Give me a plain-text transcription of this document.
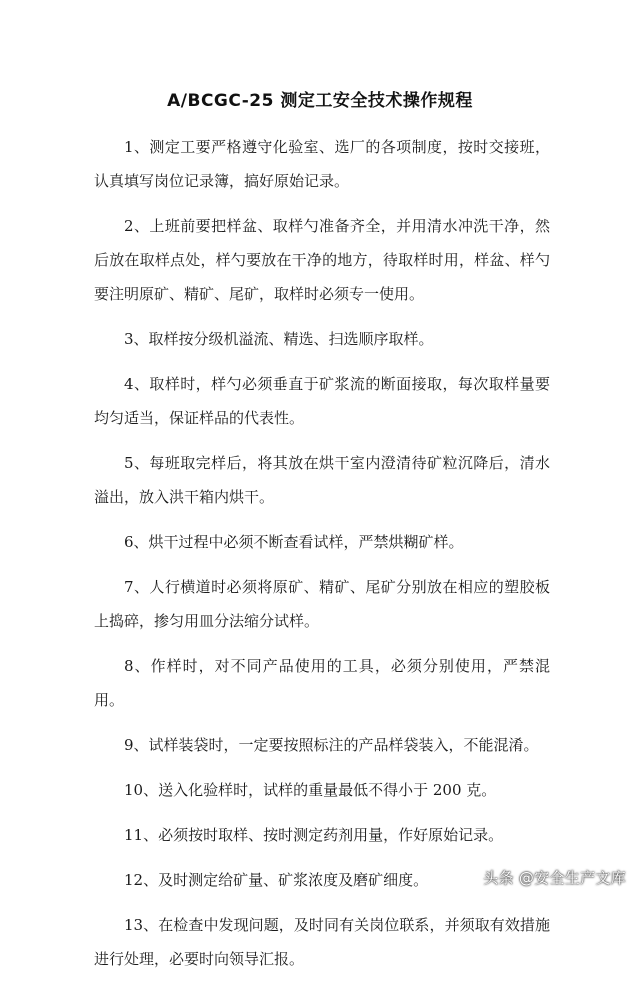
A/BCGC-25 测定工安全技术操作规程

1、测定工要严格遵守化验室、选厂的各项制度，按时交接班，认真填写岗位记录簿，搞好原始记录。

2、上班前要把样盆、取样勺准备齐全，并用清水冲洗干净，然后放在取样点处，样勺要放在干净的地方，待取样时用，样盆、样勺要注明原矿、精矿、尾矿，取样时必须专一使用。

3、取样按分级机溢流、精选、扫选顺序取样。

4、取样时，样勺必须垂直于矿浆流的断面接取，每次取样量要均匀适当，保证样品的代表性。

5、每班取完样后，将其放在烘干室内澄清待矿粒沉降后，清水溢出，放入洪干箱内烘干。

6、烘干过程中必须不断查看试样，严禁烘糊矿样。

7、人行横道时必须将原矿、精矿、尾矿分别放在相应的塑胶板上捣碎，掺匀用皿分法缩分试样。

8、作样时，对不同产品使用的工具，必须分别使用，严禁混用。

9、试样装袋时，一定要按照标注的产品样袋装入，不能混淆。

10、送入化验样时，试样的重量最低不得小于 200 克。

11、必须按时取样、按时测定药剂用量，作好原始记录。

12、及时测定给矿量、矿浆浓度及磨矿细度。

13、在检查中发现问题，及时同有关岗位联系，并须取有效措施进行处理，必要时向领导汇报。

头条 @安全生产文库
